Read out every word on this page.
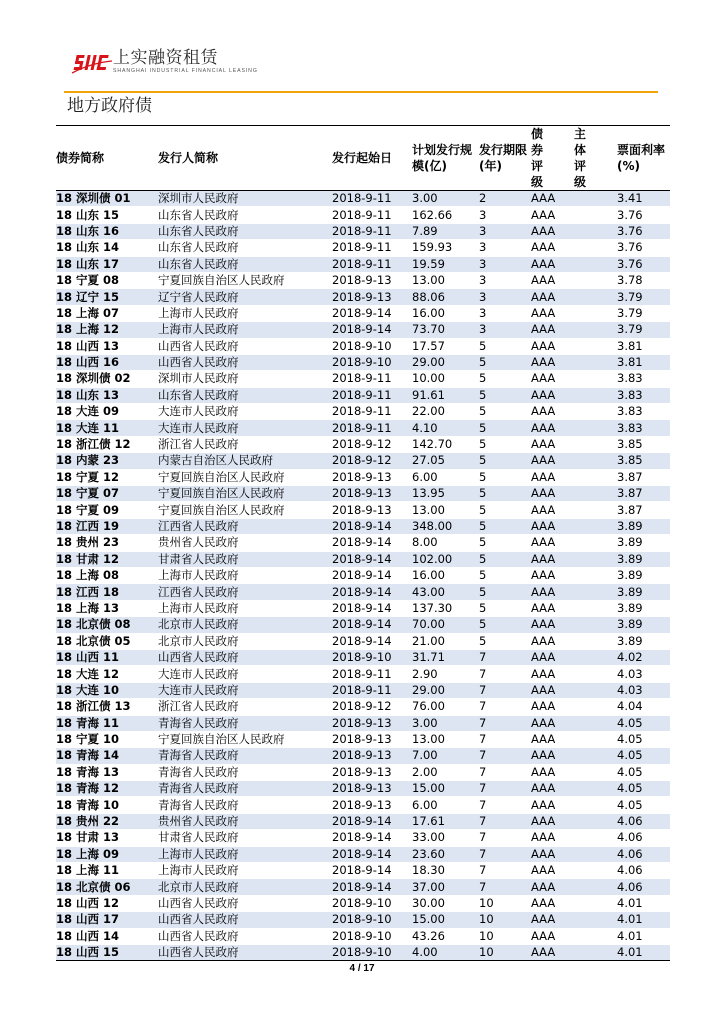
上实融资租赁
SHANGHAI INDUSTRIAL FINANCIAL LEASING
地方政府债
债券简称	发行人简称	发行起始日	计划发行规模(亿)	发行期限(年)	债券评级	主体评级	票面利率(%)

18 深圳债 01	深圳市人民政府	2018-9-11	3.00	2	AAA		3.41
18 山东 15	山东省人民政府	2018-9-11	162.66	3	AAA		3.76
18 山东 16	山东省人民政府	2018-9-11	7.89	3	AAA		3.76
18 山东 14	山东省人民政府	2018-9-11	159.93	3	AAA		3.76
18 山东 17	山东省人民政府	2018-9-11	19.59	3	AAA		3.76
18 宁夏 08	宁夏回族自治区人民政府	2018-9-13	13.00	3	AAA		3.78
18 辽宁 15	辽宁省人民政府	2018-9-13	88.06	3	AAA		3.79
18 上海 07	上海市人民政府	2018-9-14	16.00	3	AAA		3.79
18 上海 12	上海市人民政府	2018-9-14	73.70	3	AAA		3.79
18 山西 13	山西省人民政府	2018-9-10	17.57	5	AAA		3.81
18 山西 16	山西省人民政府	2018-9-10	29.00	5	AAA		3.81
18 深圳债 02	深圳市人民政府	2018-9-11	10.00	5	AAA		3.83
18 山东 13	山东省人民政府	2018-9-11	91.61	5	AAA		3.83
18 大连 09	大连市人民政府	2018-9-11	22.00	5	AAA		3.83
18 大连 11	大连市人民政府	2018-9-11	4.10	5	AAA		3.83
18 浙江债 12	浙江省人民政府	2018-9-12	142.70	5	AAA		3.85
18 内蒙 23	内蒙古自治区人民政府	2018-9-12	27.05	5	AAA		3.85
18 宁夏 12	宁夏回族自治区人民政府	2018-9-13	6.00	5	AAA		3.87
18 宁夏 07	宁夏回族自治区人民政府	2018-9-13	13.95	5	AAA		3.87
18 宁夏 09	宁夏回族自治区人民政府	2018-9-13	13.00	5	AAA		3.87
18 江西 19	江西省人民政府	2018-9-14	348.00	5	AAA		3.89
18 贵州 23	贵州省人民政府	2018-9-14	8.00	5	AAA		3.89
18 甘肃 12	甘肃省人民政府	2018-9-14	102.00	5	AAA		3.89
18 上海 08	上海市人民政府	2018-9-14	16.00	5	AAA		3.89
18 江西 18	江西省人民政府	2018-9-14	43.00	5	AAA		3.89
18 上海 13	上海市人民政府	2018-9-14	137.30	5	AAA		3.89
18 北京债 08	北京市人民政府	2018-9-14	70.00	5	AAA		3.89
18 北京债 05	北京市人民政府	2018-9-14	21.00	5	AAA		3.89
18 山西 11	山西省人民政府	2018-9-10	31.71	7	AAA		4.02
18 大连 12	大连市人民政府	2018-9-11	2.90	7	AAA		4.03
18 大连 10	大连市人民政府	2018-9-11	29.00	7	AAA		4.03
18 浙江债 13	浙江省人民政府	2018-9-12	76.00	7	AAA		4.04
18 青海 11	青海省人民政府	2018-9-13	3.00	7	AAA		4.05
18 宁夏 10	宁夏回族自治区人民政府	2018-9-13	13.00	7	AAA		4.05
18 青海 14	青海省人民政府	2018-9-13	7.00	7	AAA		4.05
18 青海 13	青海省人民政府	2018-9-13	2.00	7	AAA		4.05
18 青海 12	青海省人民政府	2018-9-13	15.00	7	AAA		4.05
18 青海 10	青海省人民政府	2018-9-13	6.00	7	AAA		4.05
18 贵州 22	贵州省人民政府	2018-9-14	17.61	7	AAA		4.06
18 甘肃 13	甘肃省人民政府	2018-9-14	33.00	7	AAA		4.06
18 上海 09	上海市人民政府	2018-9-14	23.60	7	AAA		4.06
18 上海 11	上海市人民政府	2018-9-14	18.30	7	AAA		4.06
18 北京债 06	北京市人民政府	2018-9-14	37.00	7	AAA		4.06
18 山西 12	山西省人民政府	2018-9-10	30.00	10	AAA		4.01
18 山西 17	山西省人民政府	2018-9-10	15.00	10	AAA		4.01
18 山西 14	山西省人民政府	2018-9-10	43.26	10	AAA		4.01
18 山西 15	山西省人民政府	2018-9-10	4.00	10	AAA		4.01
4 / 17
